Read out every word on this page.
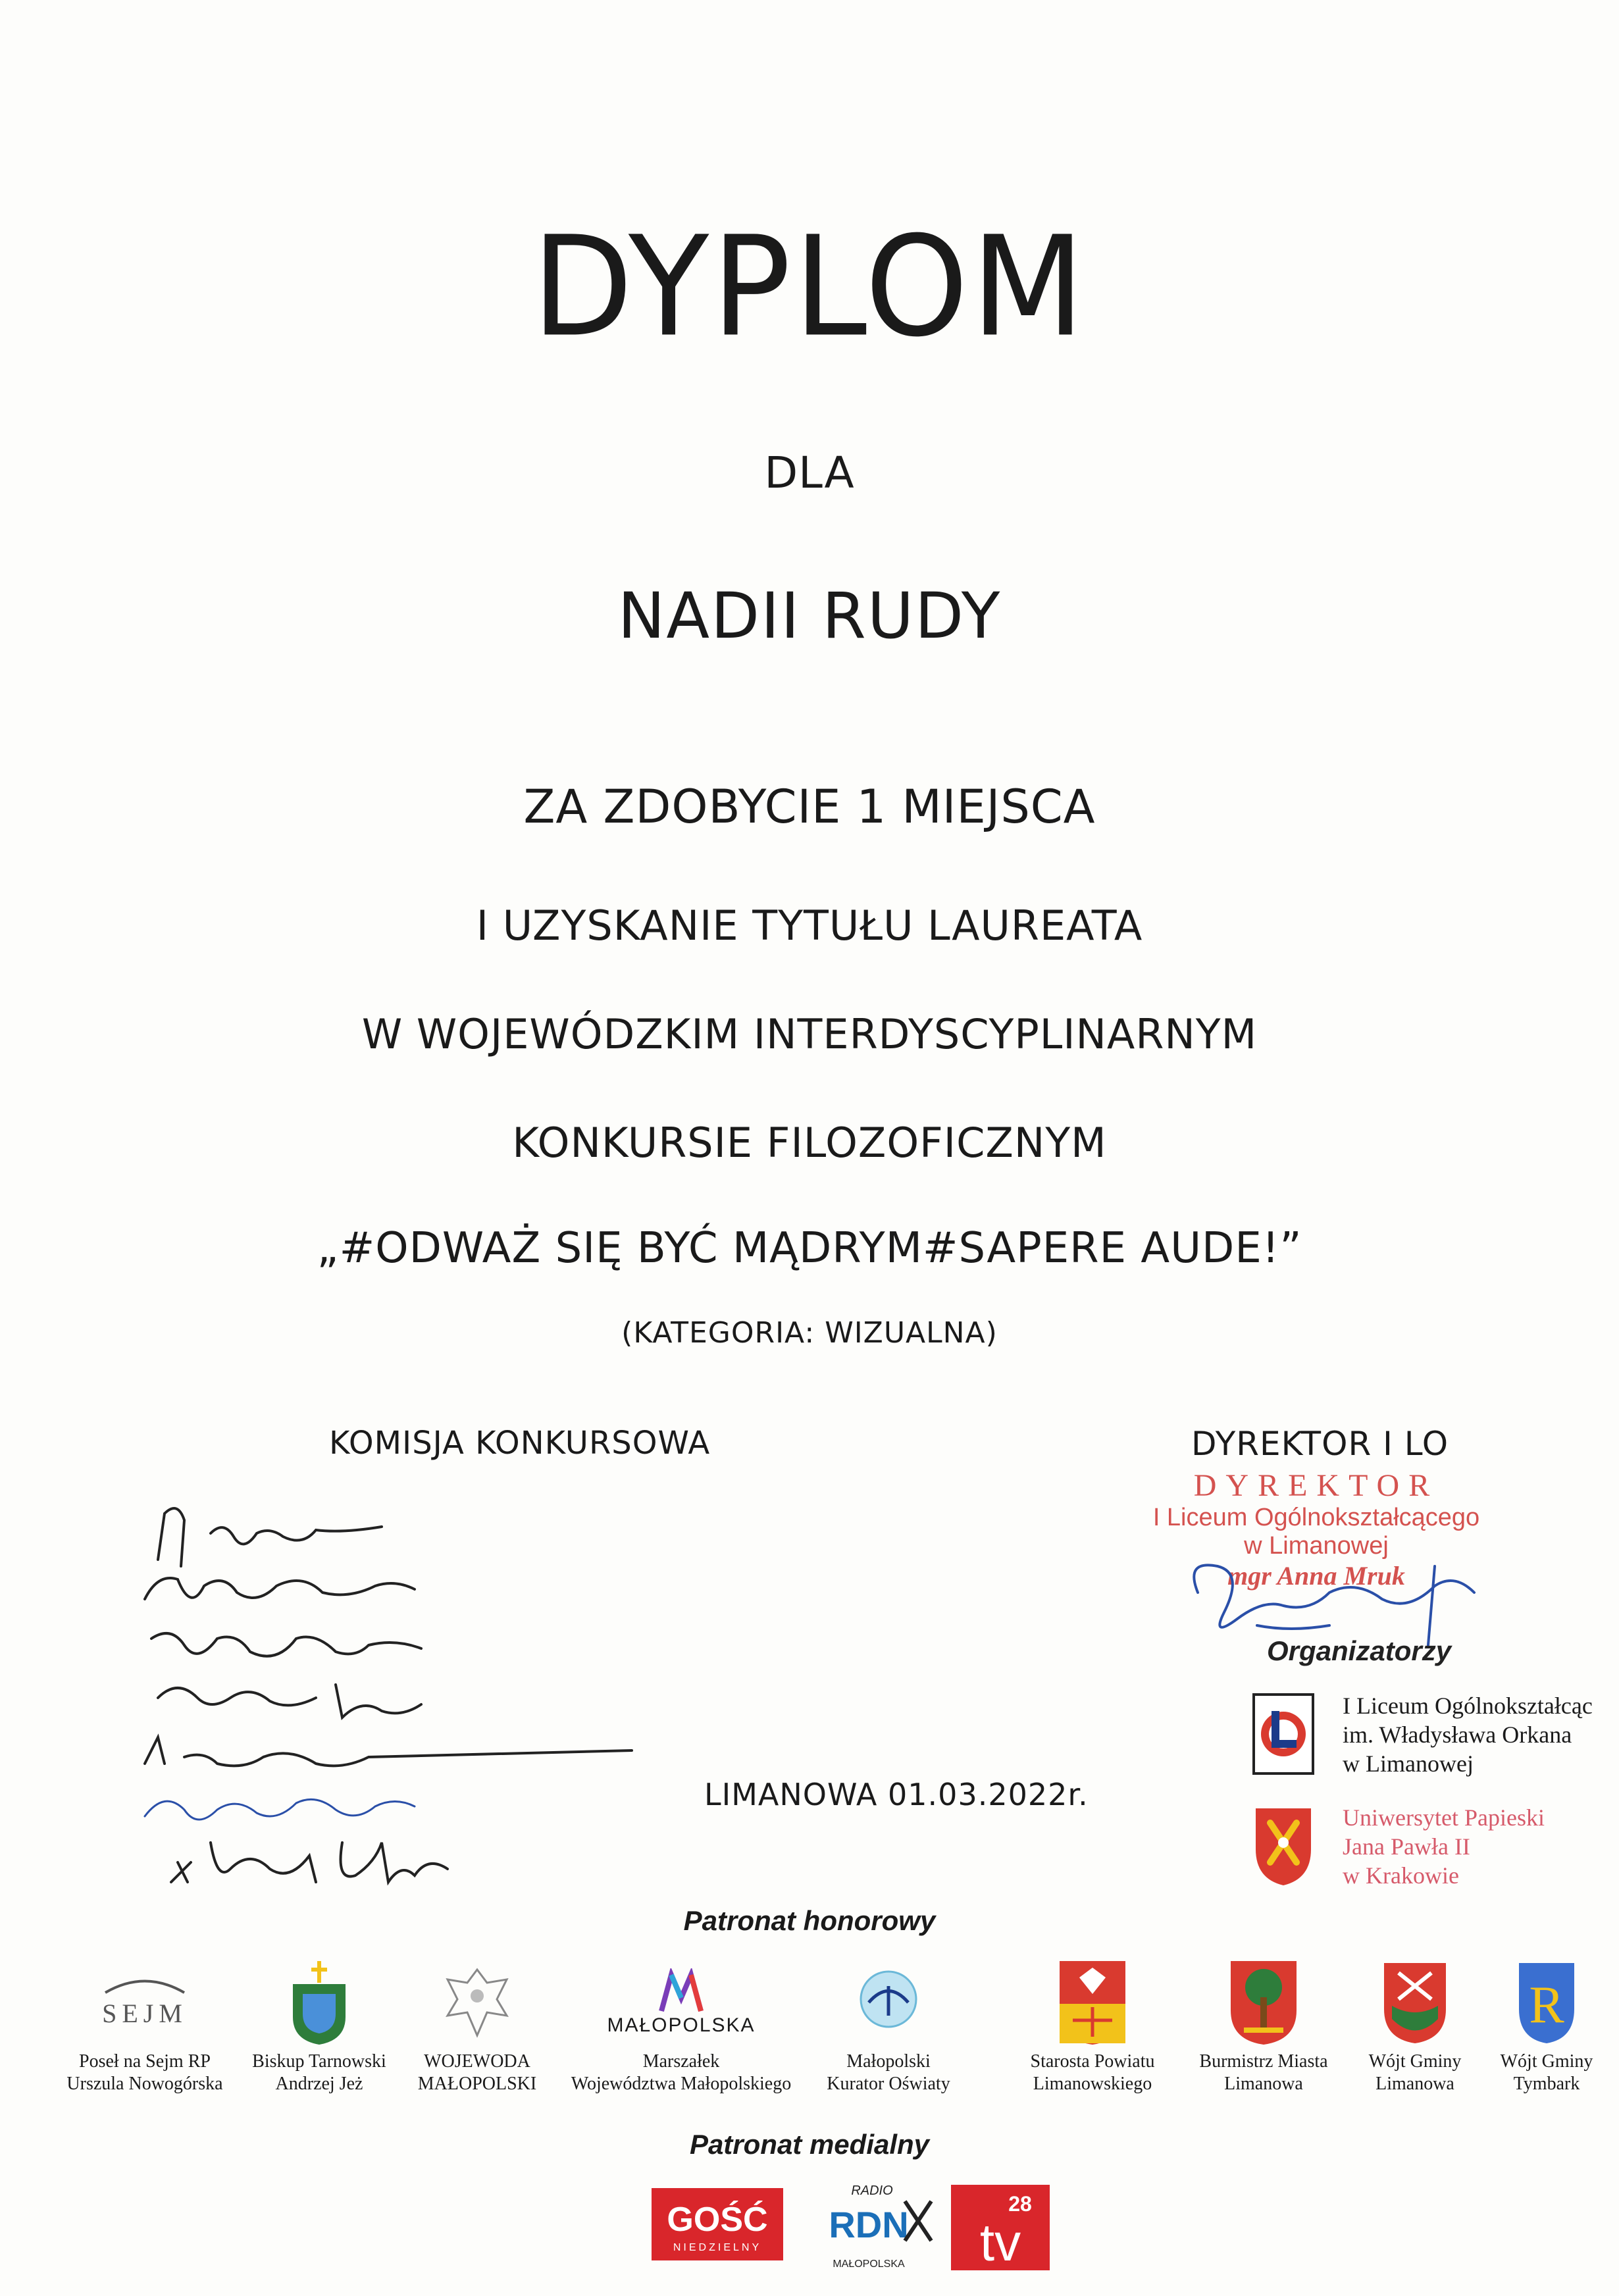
DYPLOM
DLA
NADII RUDY
ZA ZDOBYCIE 1 MIEJSCA
I UZYSKANIE TYTUŁU LAUREATA
W WOJEWÓDZKIM INTERDYSCYPLINARNYM
KONKURSIE FILOZOFICZNYM
„#ODWAŻ SIĘ BYĆ MĄDRYM#SAPERE AUDE!”
(KATEGORIA: WIZUALNA)
KOMISJA KONKURSOWA	DYREKTOR I LO
DYREKTOR
I Liceum Ogólnokształcącego
w Limanowej
mgr Anna Mruk
Organizatorzy
I Liceum Ogólnokształcąc
im. Władysława Orkana
w Limanowej
Uniwersytet Papieski
Jana Pawła II
w Krakowie
LIMANOWA 01.03.2022r.
Patronat honorowy
SEJM
Poseł na Sejm RP
Urszula Nowogórska
Biskup Tarnowski
Andrzej Jeż
WOJEWODA
MAŁOPOLSKI
MAŁOPOLSKA
Marszałek
Województwa Małopolskiego
Małopolski
Kurator Oświaty
Starosta Powiatu
Limanowskiego
Burmistrz Miasta
Limanowa
Wójt Gminy
Limanowa
R
Wójt Gminy
Tymbark
Patronat medialny
GOŚĆ
NIEDZIELNY
RADIO
RDN
MAŁOPOLSKA
28
tv
